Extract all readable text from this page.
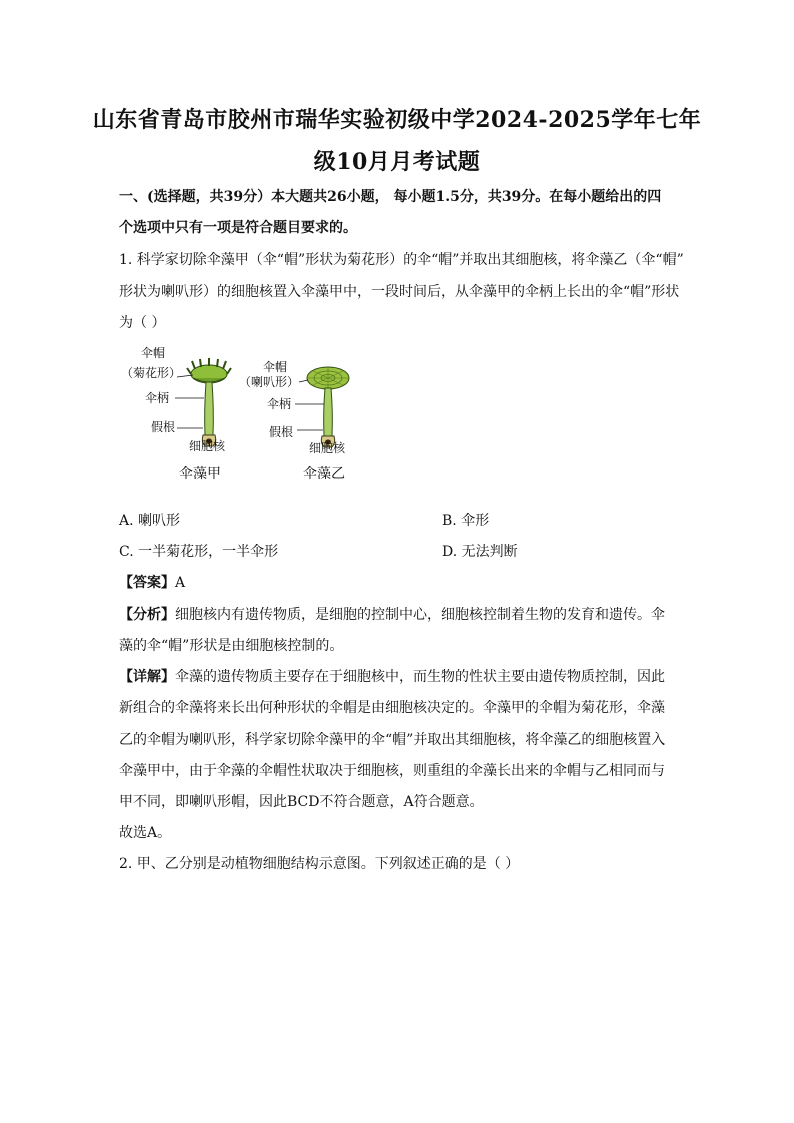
山东省青岛市胶州市瑞华实验初级中学2024-2025学年七年
级10月月考试题
一、(选择题，共39分）本大题共26小题， 每小题1.5分，共39分。在每小题给出的四
个选项中只有一项是符合题目要求的。
1. 科学家切除伞藻甲（伞“帽”形状为菊花形）的伞“帽”并取出其细胞核，将伞藻乙（伞“帽”
形状为喇叭形）的细胞核置入伞藻甲中，一段时间后，从伞藻甲的伞柄上长出的伞“帽”形状
为（ ）
伞帽
（菊花形）
伞柄
假根
细胞核
伞藻甲
伞帽
（喇叭形）
伞柄
假根
细胞核
伞藻乙
A. 喇叭形	B. 伞形
C. 一半菊花形，一半伞形	D. 无法判断
【答案】A
【分析】细胞核内有遗传物质，是细胞的控制中心，细胞核控制着生物的发育和遗传。伞
藻的伞“帽”形状是由细胞核控制的。
【详解】伞藻的遗传物质主要存在于细胞核中，而生物的性状主要由遗传物质控制，因此
新组合的伞藻将来长出何种形状的伞帽是由细胞核决定的。伞藻甲的伞帽为菊花形，伞藻
乙的伞帽为喇叭形，科学家切除伞藻甲的伞“帽”并取出其细胞核，将伞藻乙的细胞核置入
伞藻甲中，由于伞藻的伞帽性状取决于细胞核，则重组的伞藻长出来的伞帽与乙相同而与
甲不同，即喇叭形帽，因此BCD不符合题意，A符合题意。
故选A。
2. 甲、乙分别是动植物细胞结构示意图。下列叙述正确的是（ ）
